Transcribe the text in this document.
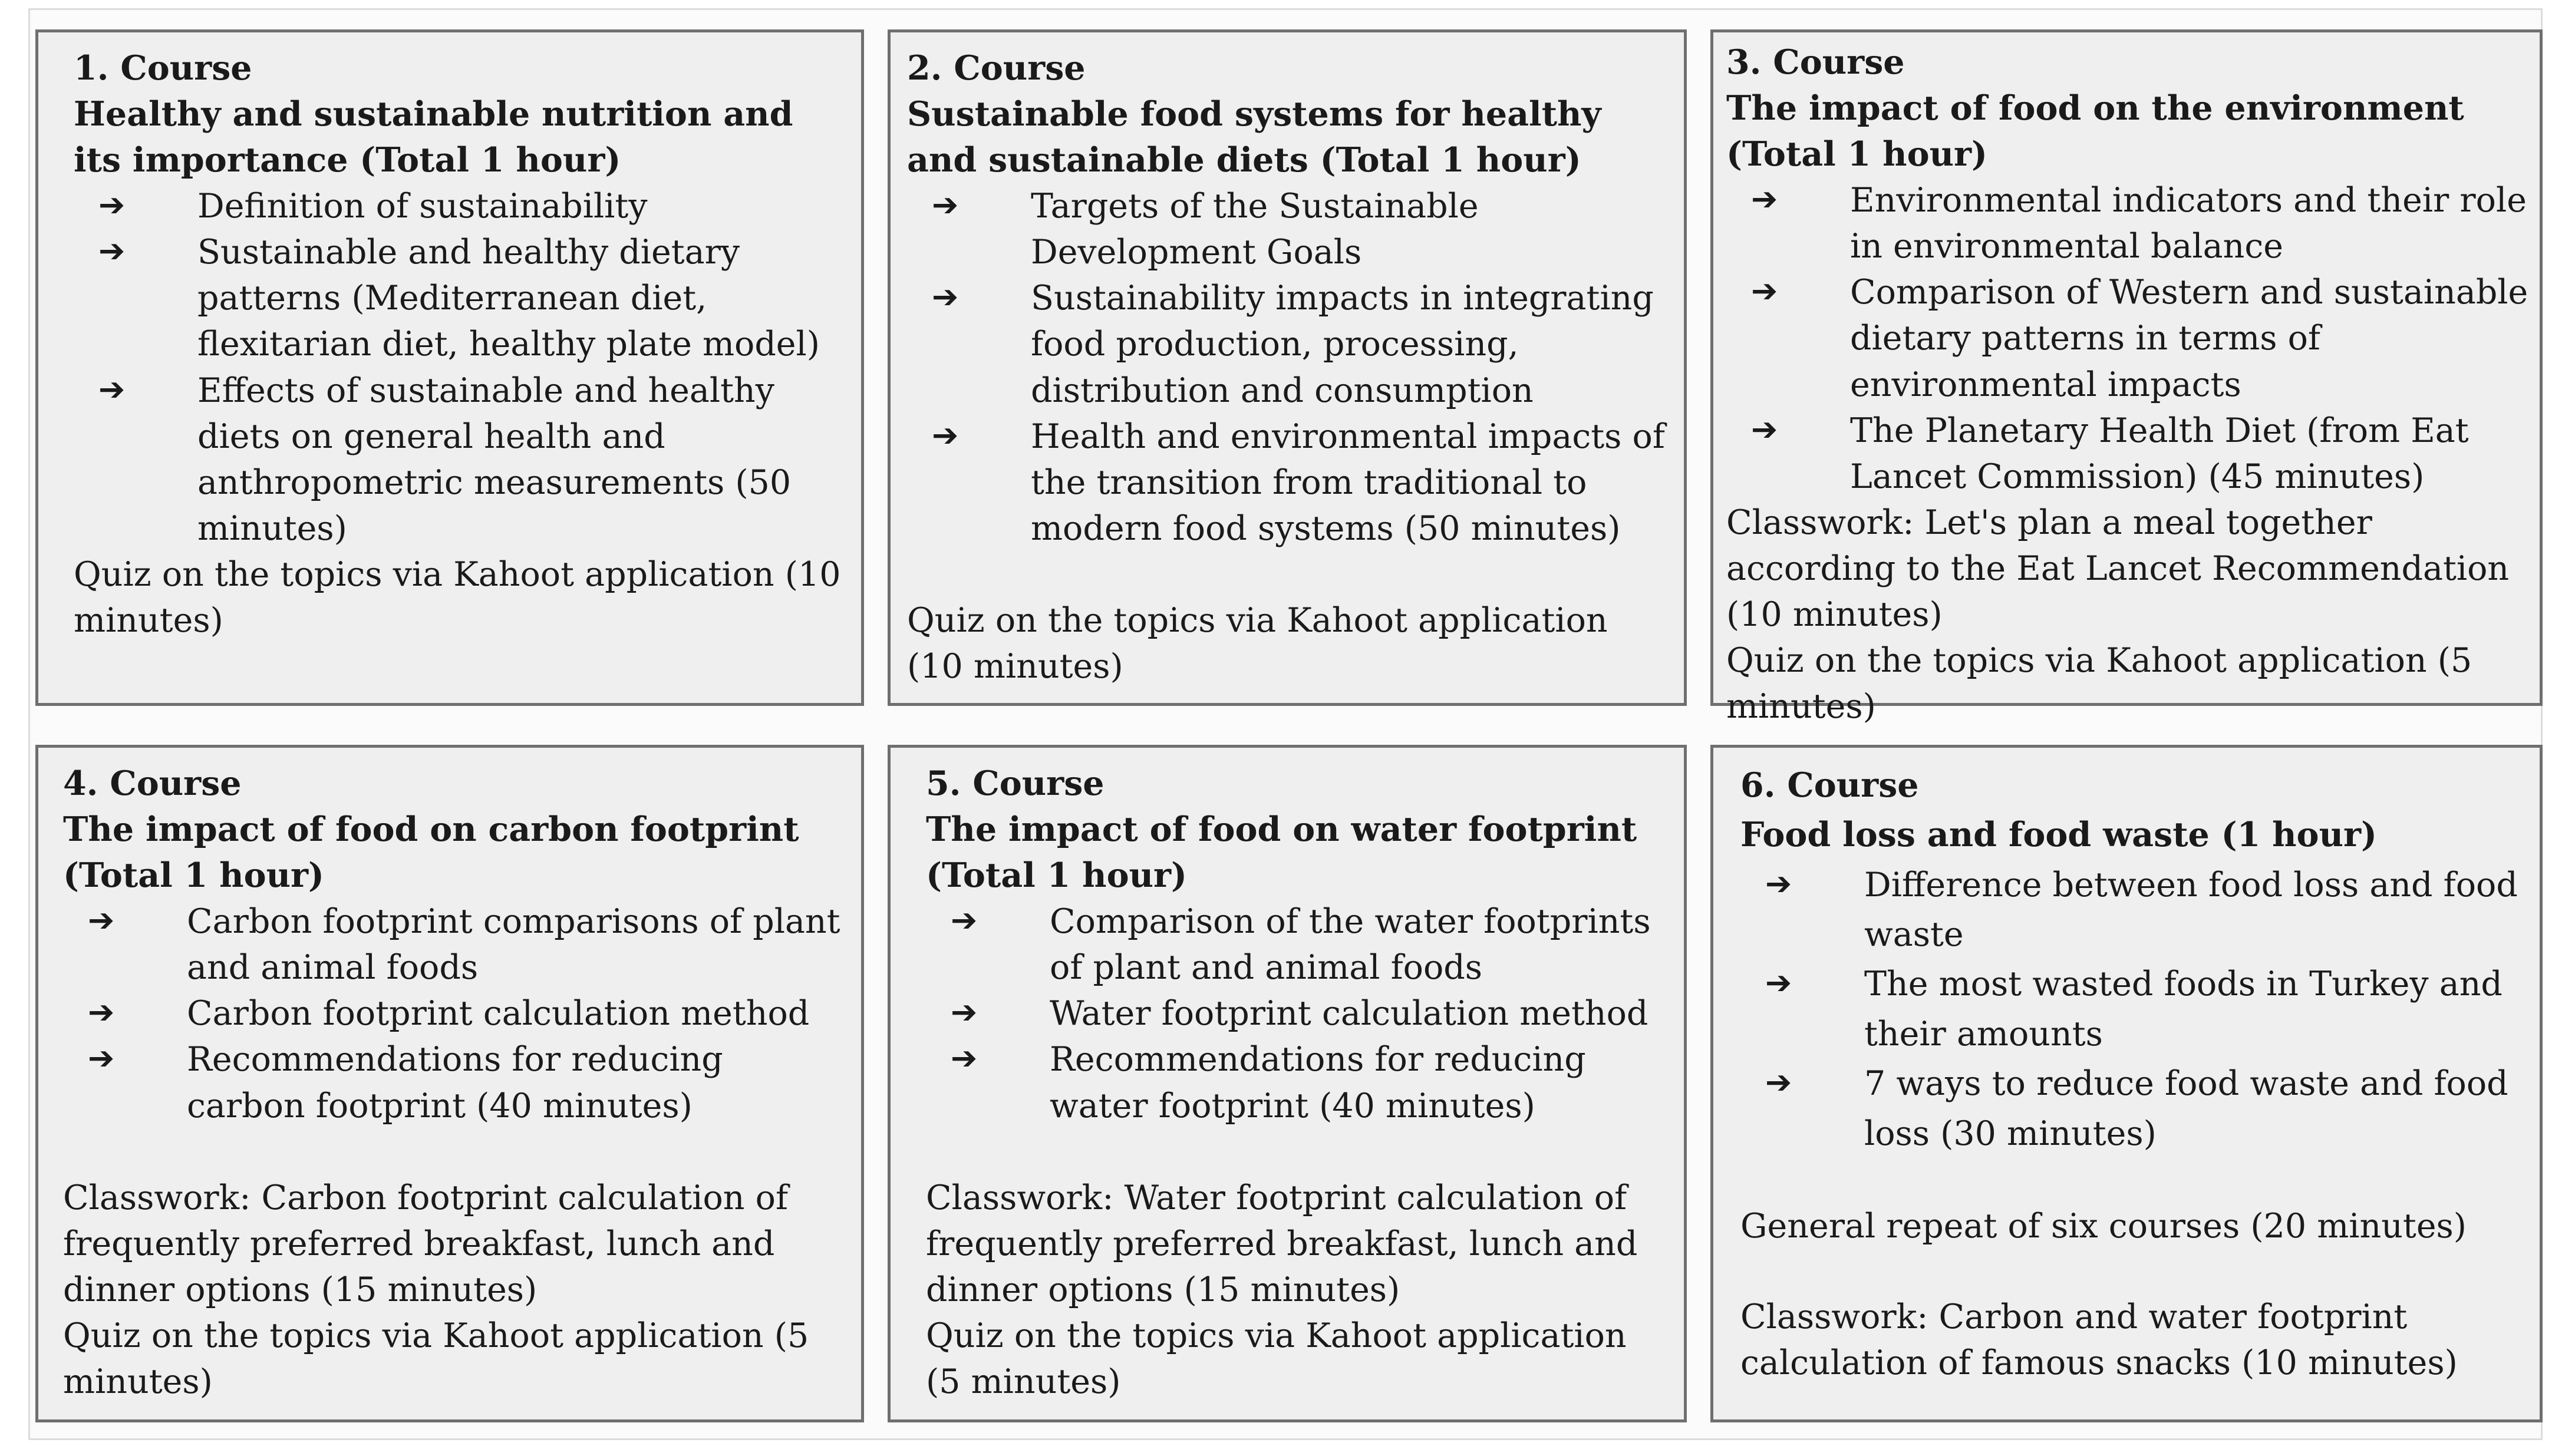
1. Course
Healthy and sustainable nutrition and its importance (Total 1 hour)
➔	Definition of sustainability
➔	Sustainable and healthy dietary patterns (Mediterranean diet, flexitarian diet, healthy plate model)
➔	Effects of sustainable and healthy diets on general health and anthropometric measurements (50 minutes)
Quiz on the topics via Kahoot application (10 minutes)
2. Course
Sustainable food systems for healthy and sustainable diets (Total 1 hour)
➔	Targets of the Sustainable Development Goals
➔	Sustainability impacts in integrating food production, processing, distribution and consumption
➔	Health and environmental impacts of the transition from traditional to modern food systems (50 minutes)
Quiz on the topics via Kahoot application (10 minutes)
3. Course
The impact of food on the environment (Total 1 hour)
➔	Environmental indicators and their role in environmental balance
➔	Comparison of Western and sustainable dietary patterns in terms of environmental impacts
➔	The Planetary Health Diet (from Eat Lancet Commission) (45 minutes)
Classwork: Let's plan a meal together according to the Eat Lancet Recommendation (10 minutes)
Quiz on the topics via Kahoot application (5 minutes)
4. Course
The impact of food on carbon footprint (Total 1 hour)
➔	Carbon footprint comparisons of plant and animal foods
➔	Carbon footprint calculation method
➔	Recommendations for reducing carbon footprint (40 minutes)
Classwork: Carbon footprint calculation of frequently preferred breakfast, lunch and dinner options (15 minutes)
Quiz on the topics via Kahoot application (5 minutes)
5. Course
The impact of food on water footprint (Total 1 hour)
➔	Comparison of the water footprints of plant and animal foods
➔	Water footprint calculation method
➔	Recommendations for reducing water footprint (40 minutes)
Classwork: Water footprint calculation of frequently preferred breakfast, lunch and dinner options (15 minutes)
Quiz on the topics via Kahoot application (5 minutes)
6. Course
Food loss and food waste (1 hour)
➔	Difference between food loss and food waste
➔	The most wasted foods in Turkey and their amounts
➔	7 ways to reduce food waste and food loss (30 minutes)
General repeat of six courses (20 minutes)
Classwork: Carbon and water footprint calculation of famous snacks (10 minutes)
